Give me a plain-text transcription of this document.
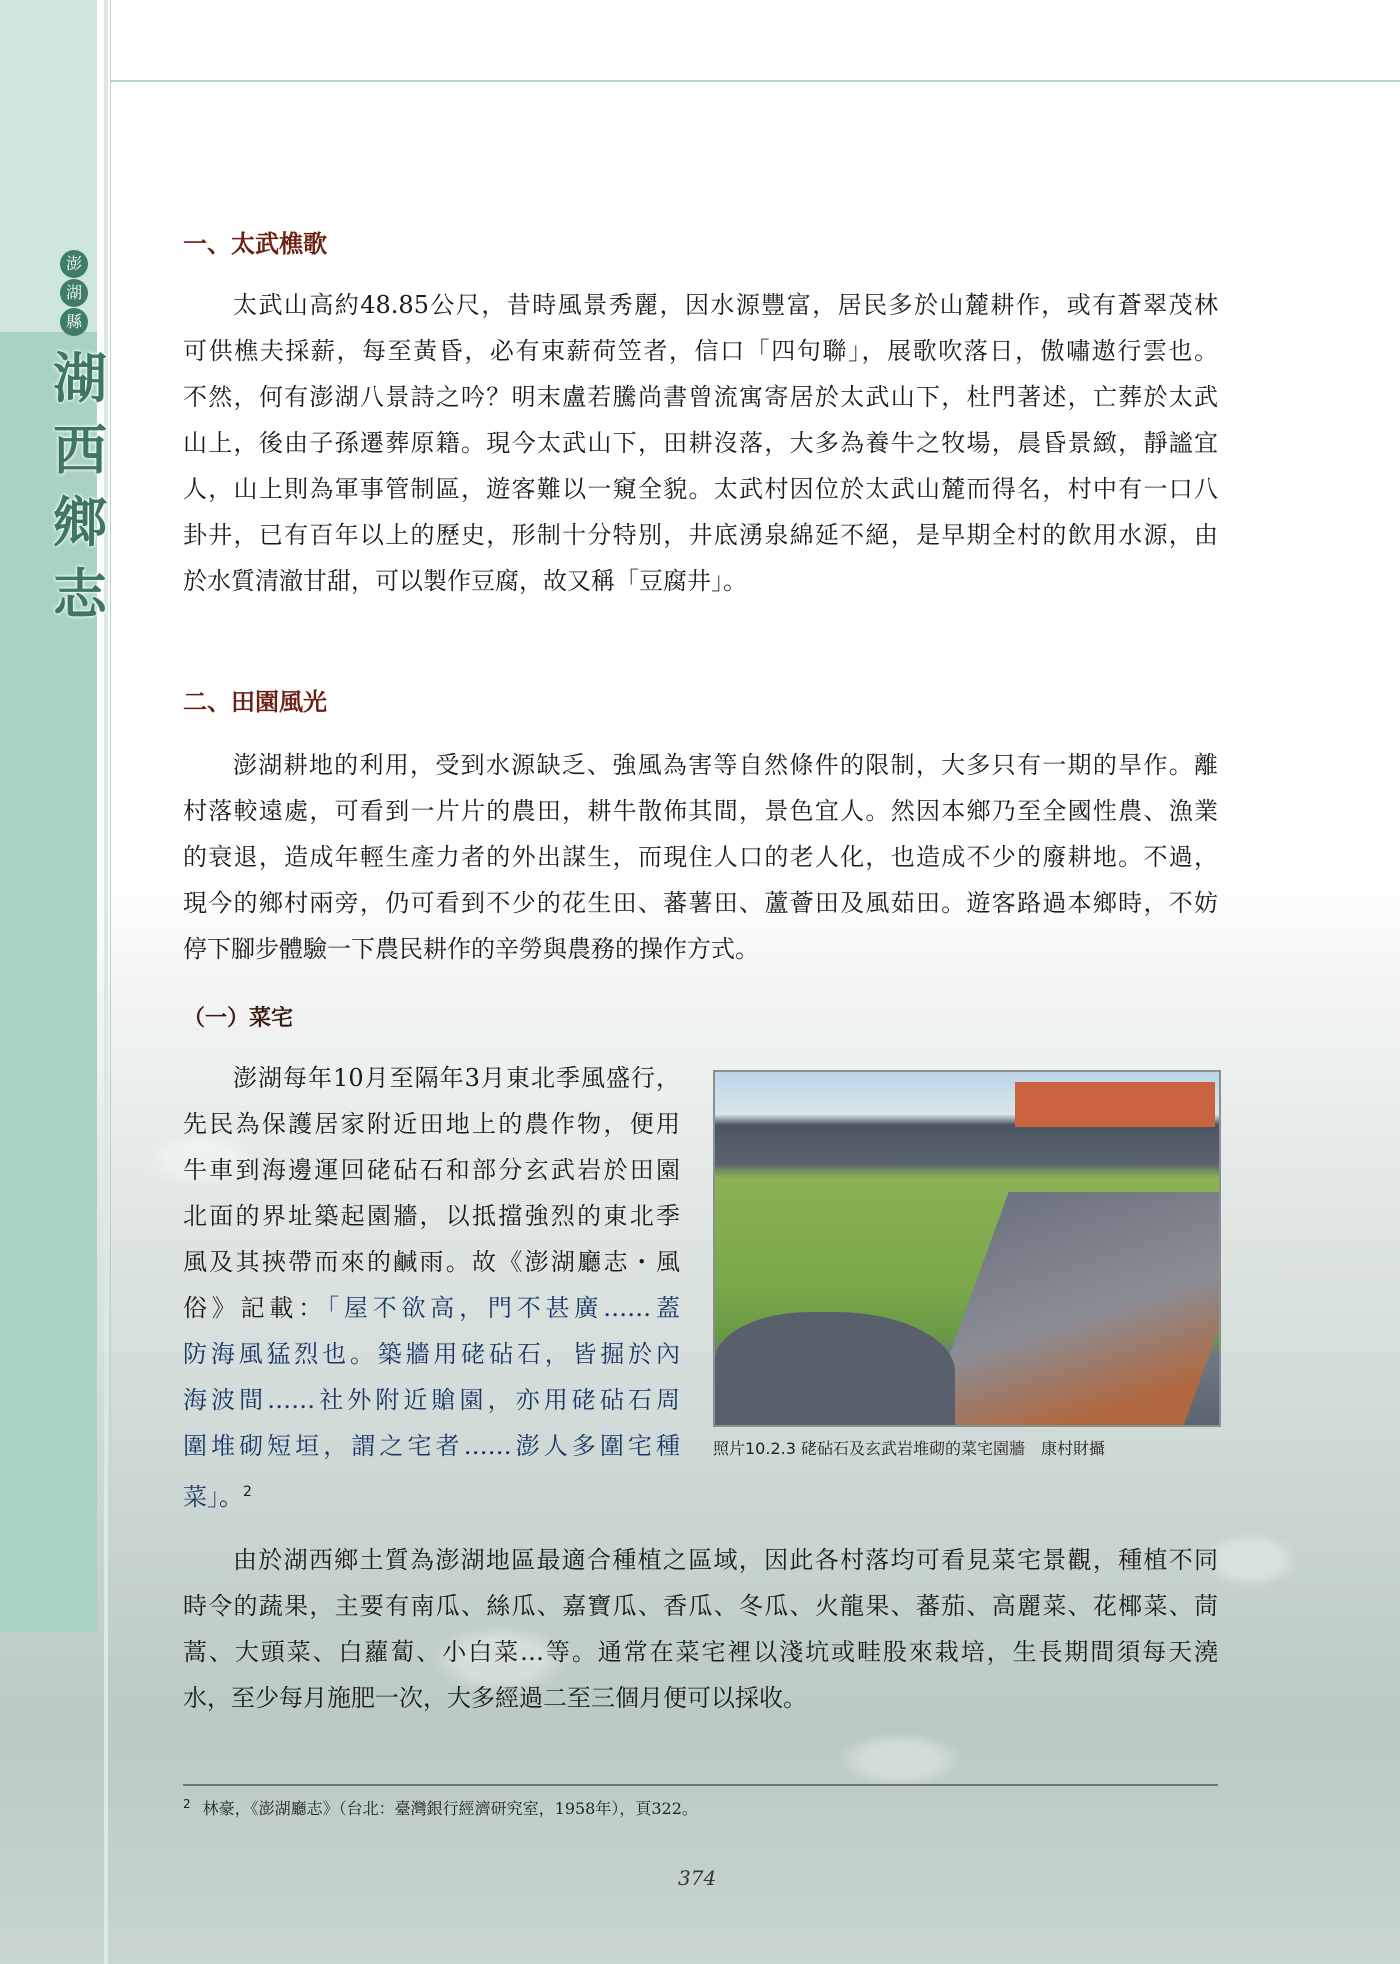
澎
湖
縣
湖
西
鄉
志
一、太武樵歌
太武山高約48.85公尺，昔時風景秀麗，因水源豐富，居民多於山麓耕作，或有蒼翠茂林
可供樵夫採薪，每至黃昏，必有束薪荷笠者，信口「四句聯」，展歌吹落日，傲嘯遨行雲也。
不然，何有澎湖八景詩之吟？明末盧若騰尚書曾流寓寄居於太武山下，杜門著述，亡葬於太武
山上，後由子孫遷葬原籍。現今太武山下，田耕沒落，大多為養牛之牧場，晨昏景緻，靜謐宜
人，山上則為軍事管制區，遊客難以一窺全貌。太武村因位於太武山麓而得名，村中有一口八
卦井，已有百年以上的歷史，形制十分特別，井底湧泉綿延不絕，是早期全村的飲用水源，由
於水質清澈甘甜，可以製作豆腐，故又稱「豆腐井」。
二、田園風光
澎湖耕地的利用，受到水源缺乏、強風為害等自然條件的限制，大多只有一期的旱作。離
村落較遠處，可看到一片片的農田，耕牛散佈其間，景色宜人。然因本鄉乃至全國性農、漁業
的衰退，造成年輕生產力者的外出謀生，而現住人口的老人化，也造成不少的廢耕地。不過，
現今的鄉村兩旁，仍可看到不少的花生田、蕃薯田、蘆薈田及風茹田。遊客路過本鄉時，不妨
停下腳步體驗一下農民耕作的辛勞與農務的操作方式。
（一）菜宅
澎湖每年10月至隔年3月東北季風盛行，
先民為保護居家附近田地上的農作物，便用
牛車到海邊運回硓砧石和部分玄武岩於田園
北面的界址築起園牆，以抵擋強烈的東北季
風及其挾帶而來的鹹雨。故《澎湖廳志・風
俗》記載：「屋不欲高，門不甚廣……蓋
防海風猛烈也。築牆用硓砧石，皆掘於內
海波間……社外附近賶園，亦用硓砧石周
圍堆砌短垣，謂之宅者……澎人多圍宅種
菜」。$^2$
照片10.2.3 硓砧石及玄武岩堆砌的菜宅園牆　康村財攝
由於湖西鄉土質為澎湖地區最適合種植之區域，因此各村落均可看見菜宅景觀，種植不同
時令的蔬果，主要有南瓜、絲瓜、嘉寶瓜、香瓜、冬瓜、火龍果、蕃茄、高麗菜、花椰菜、茼
蒿、大頭菜、白蘿蔔、小白菜…等。通常在菜宅裡以淺坑或畦股來栽培，生長期間須每天澆
水，至少每月施肥一次，大多經過二至三個月便可以採收。
$^2$ 林豪，《澎湖廳志》（台北：臺灣銀行經濟研究室，1958年），頁322。
374
